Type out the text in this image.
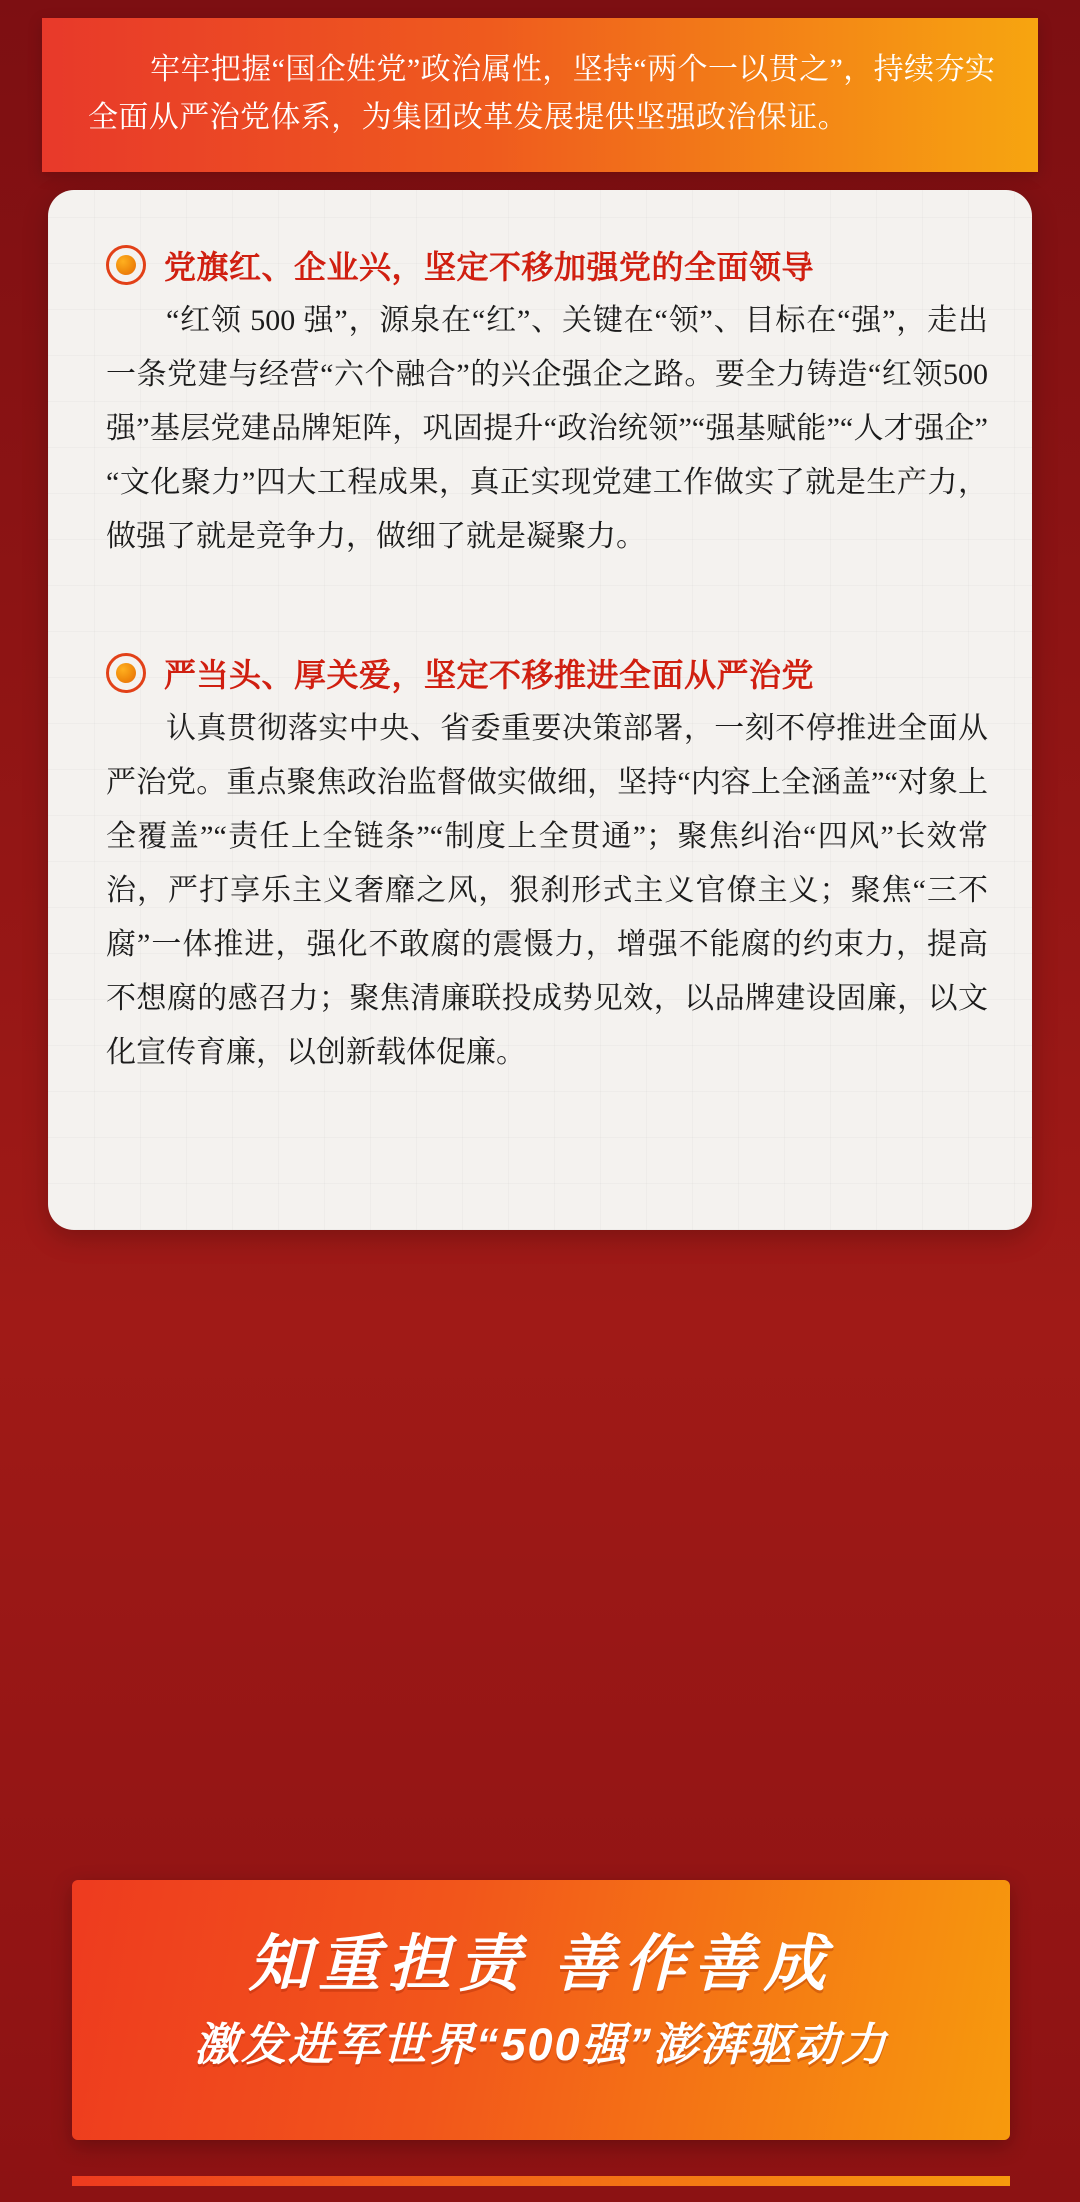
牢牢把握“国企姓党”政治属性，坚持“两个一以贯之”，持续夯实全面从严治党体系，为集团改革发展提供坚强政治保证。
党旗红、企业兴，坚定不移加强党的全面领导
“红领 500 强”，源泉在“红”、关键在“领”、目标在“强”，走出一条党建与经营“六个融合”的兴企强企之路。要全力铸造“红领500强”基层党建品牌矩阵，巩固提升“政治统领”“强基赋能”“人才强企”“文化聚力”四大工程成果，真正实现党建工作做实了就是生产力，做强了就是竞争力，做细了就是凝聚力。
严当头、厚关爱，坚定不移推进全面从严治党
认真贯彻落实中央、省委重要决策部署，一刻不停推进全面从严治党。重点聚焦政治监督做实做细，坚持“内容上全涵盖”“对象上全覆盖”“责任上全链条”“制度上全贯通”；聚焦纠治“四风”长效常治，严打享乐主义奢靡之风，狠刹形式主义官僚主义；聚焦“三不腐”一体推进，强化不敢腐的震慑力，增强不能腐的约束力，提高不想腐的感召力；聚焦清廉联投成势见效，以品牌建设固廉，以文化宣传育廉，以创新载体促廉。
知重担责 善作善成
激发进军世界“500强”澎湃驱动力
